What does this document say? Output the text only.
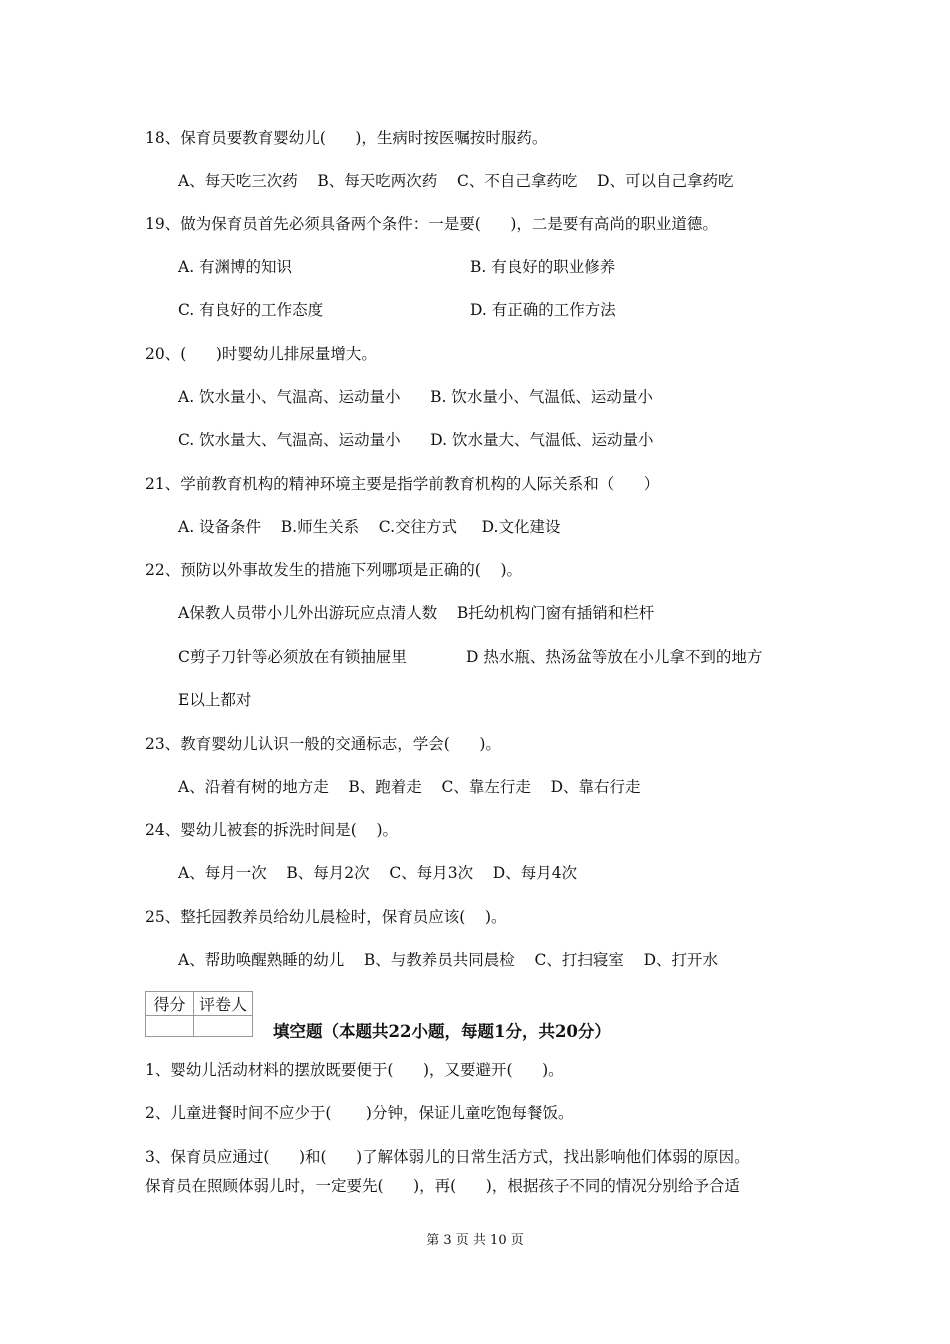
18、保育员要教育婴幼儿(      )，生病时按医嘱按时服药。
A、每天吃三次药    B、每天吃两次药    C、不自己拿药吃    D、可以自己拿药吃
19、做为保育员首先必须具备两个条件：一是要(      )，二是要有高尚的职业道德。
A. 有渊博的知识	B. 有良好的职业修养
C. 有良好的工作态度	D. 有正确的工作方法
20、(      )时婴幼儿排尿量增大。
A. 饮水量小、气温高、运动量小      B. 饮水量小、气温低、运动量小
C. 饮水量大、气温高、运动量小      D. 饮水量大、气温低、运动量小
21、学前教育机构的精神环境主要是指学前教育机构的人际关系和（      ）
A. 设备条件    B.师生关系    C.交往方式     D.文化建设
22、预防以外事故发生的措施下列哪项是正确的(    )。
A保教人员带小儿外出游玩应点清人数    B托幼机构门窗有插销和栏杆
C剪子刀针等必须放在有锁抽屉里            D 热水瓶、热汤盆等放在小儿拿不到的地方
E以上都对
23、教育婴幼儿认识一般的交通标志，学会(      )。
A、沿着有树的地方走    B、跑着走    C、靠左行走    D、靠右行走
24、婴幼儿被套的拆洗时间是(    )。
A、每月一次    B、每月2次    C、每月3次    D、每月4次
25、整托园教养员给幼儿晨检时，保育员应该(    )。
A、帮助唤醒熟睡的幼儿    B、与教养员共同晨检    C、打扫寝室    D、打开水
得分	评卷人

填空题（本题共22小题，每题1分，共20分）
1、婴幼儿活动材料的摆放既要便于(      )，又要避开(      )。
2、儿童进餐时间不应少于(       )分钟，保证儿童吃饱每餐饭。
3、保育员应通过(      )和(      )了解体弱儿的日常生活方式，找出影响他们体弱的原因。
保育员在照顾体弱儿时，一定要先(      )，再(      )，根据孩子不同的情况分别给予合适
第 3 页 共 10 页
